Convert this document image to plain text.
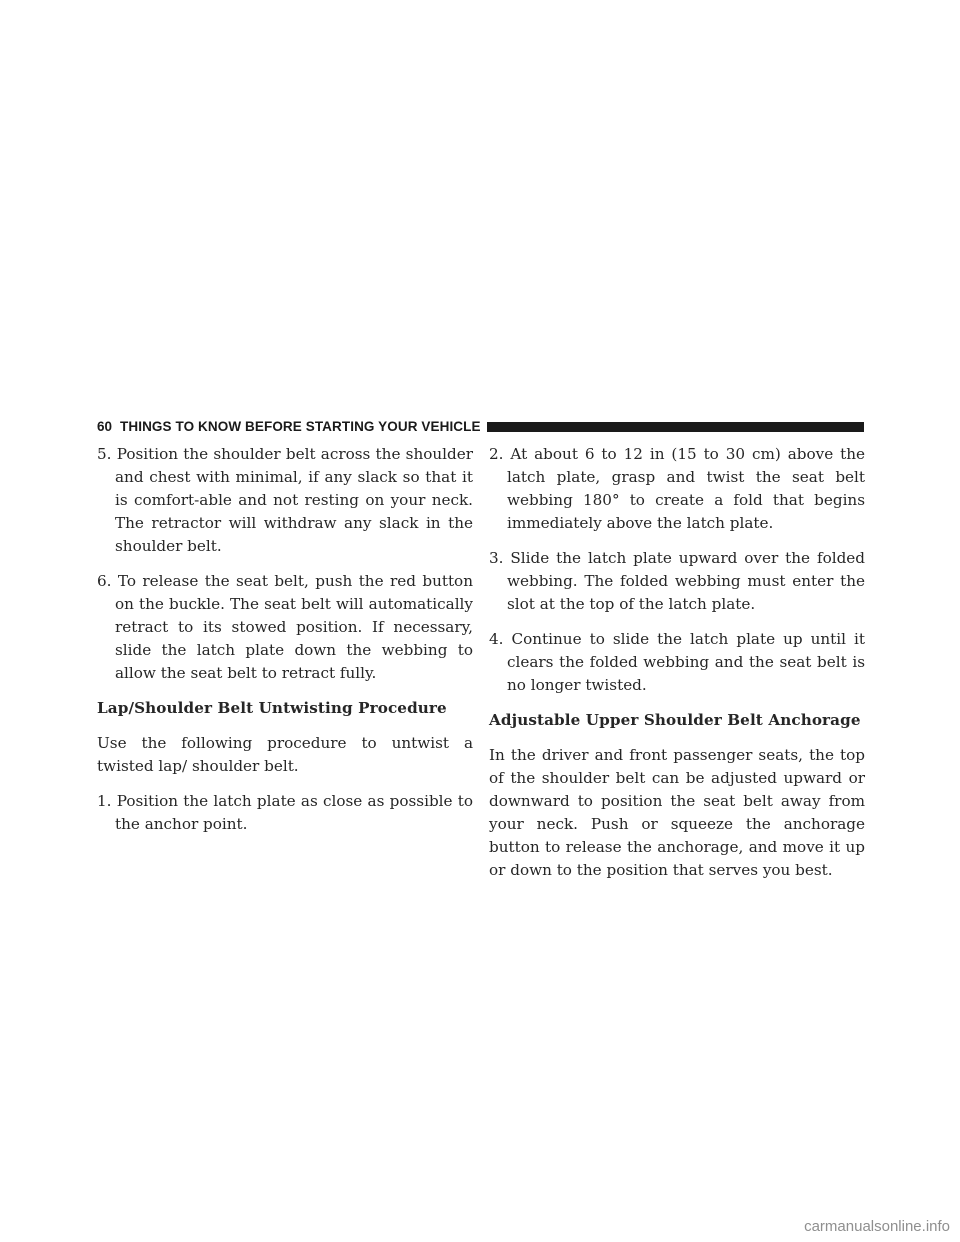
60 THINGS TO KNOW BEFORE STARTING YOUR VEHICLE

5. Position the shoulder belt across the shoulder and chest with minimal, if any slack so that it is comfort-able and not resting on your neck. The retractor will withdraw any slack in the shoulder belt.

6. To release the seat belt, push the red button on the buckle. The seat belt will automatically retract to its stowed position. If necessary, slide the latch plate down the webbing to allow the seat belt to retract fully.

Lap/Shoulder Belt Untwisting Procedure

Use the following procedure to untwist a twisted lap/ shoulder belt.

1. Position the latch plate as close as possible to the anchor point.

2. At about 6 to 12 in (15 to 30 cm) above the latch plate, grasp and twist the seat belt webbing 180° to create a fold that begins immediately above the latch plate.

3. Slide the latch plate upward over the folded webbing. The folded webbing must enter the slot at the top of the latch plate.

4. Continue to slide the latch plate up until it clears the folded webbing and the seat belt is no longer twisted.

Adjustable Upper Shoulder Belt Anchorage

In the driver and front passenger seats, the top of the shoulder belt can be adjusted upward or downward to position the seat belt away from your neck. Push or squeeze the anchorage button to release the anchorage, and move it up or down to the position that serves you best.

carmanualsonline.info
